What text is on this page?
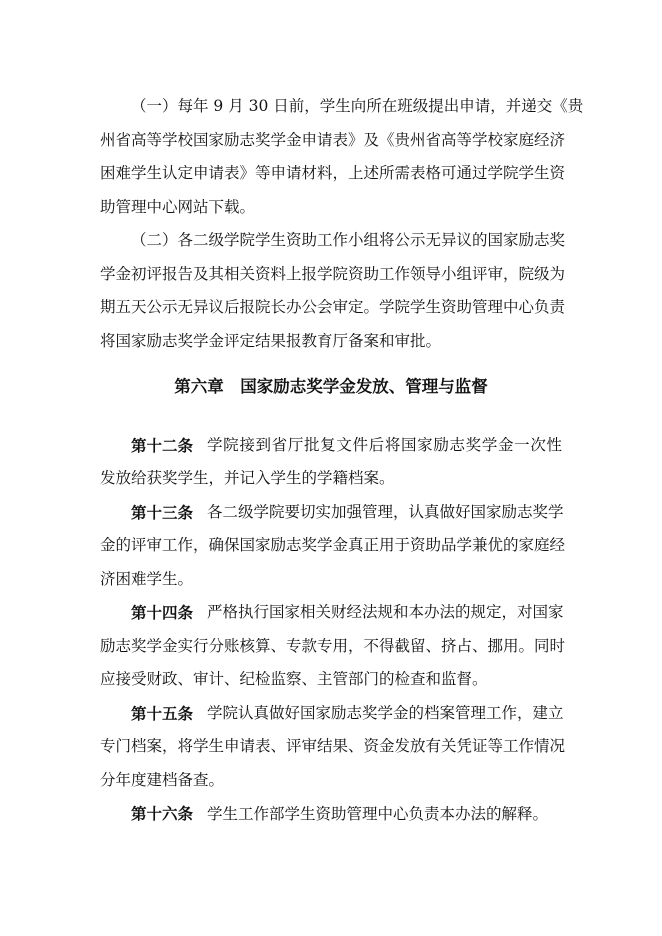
（一）每年 9 月 30 日前，学生向所在班级提出申请，并递交《贵
州省高等学校国家励志奖学金申请表》及《贵州省高等学校家庭经济
困难学生认定申请表》等申请材料，上述所需表格可通过学院学生资
助管理中心网站下载。
（二）各二级学院学生资助工作小组将公示无异议的国家励志奖
学金初评报告及其相关资料上报学院资助工作领导小组评审，院级为
期五天公示无异议后报院长办公会审定。学院学生资助管理中心负责
将国家励志奖学金评定结果报教育厅备案和审批。
第六章　国家励志奖学金发放、管理与监督
第十二条 学院接到省厅批复文件后将国家励志奖学金一次性
发放给获奖学生，并记入学生的学籍档案。
第十三条 各二级学院要切实加强管理，认真做好国家励志奖学
金的评审工作，确保国家励志奖学金真正用于资助品学兼优的家庭经
济困难学生。
第十四条 严格执行国家相关财经法规和本办法的规定，对国家
励志奖学金实行分账核算、专款专用，不得截留、挤占、挪用。同时
应接受财政、审计、纪检监察、主管部门的检查和监督。
第十五条 学院认真做好国家励志奖学金的档案管理工作，建立
专门档案，将学生申请表、评审结果、资金发放有关凭证等工作情况
分年度建档备查。
第十六条 学生工作部学生资助管理中心负责本办法的解释。
